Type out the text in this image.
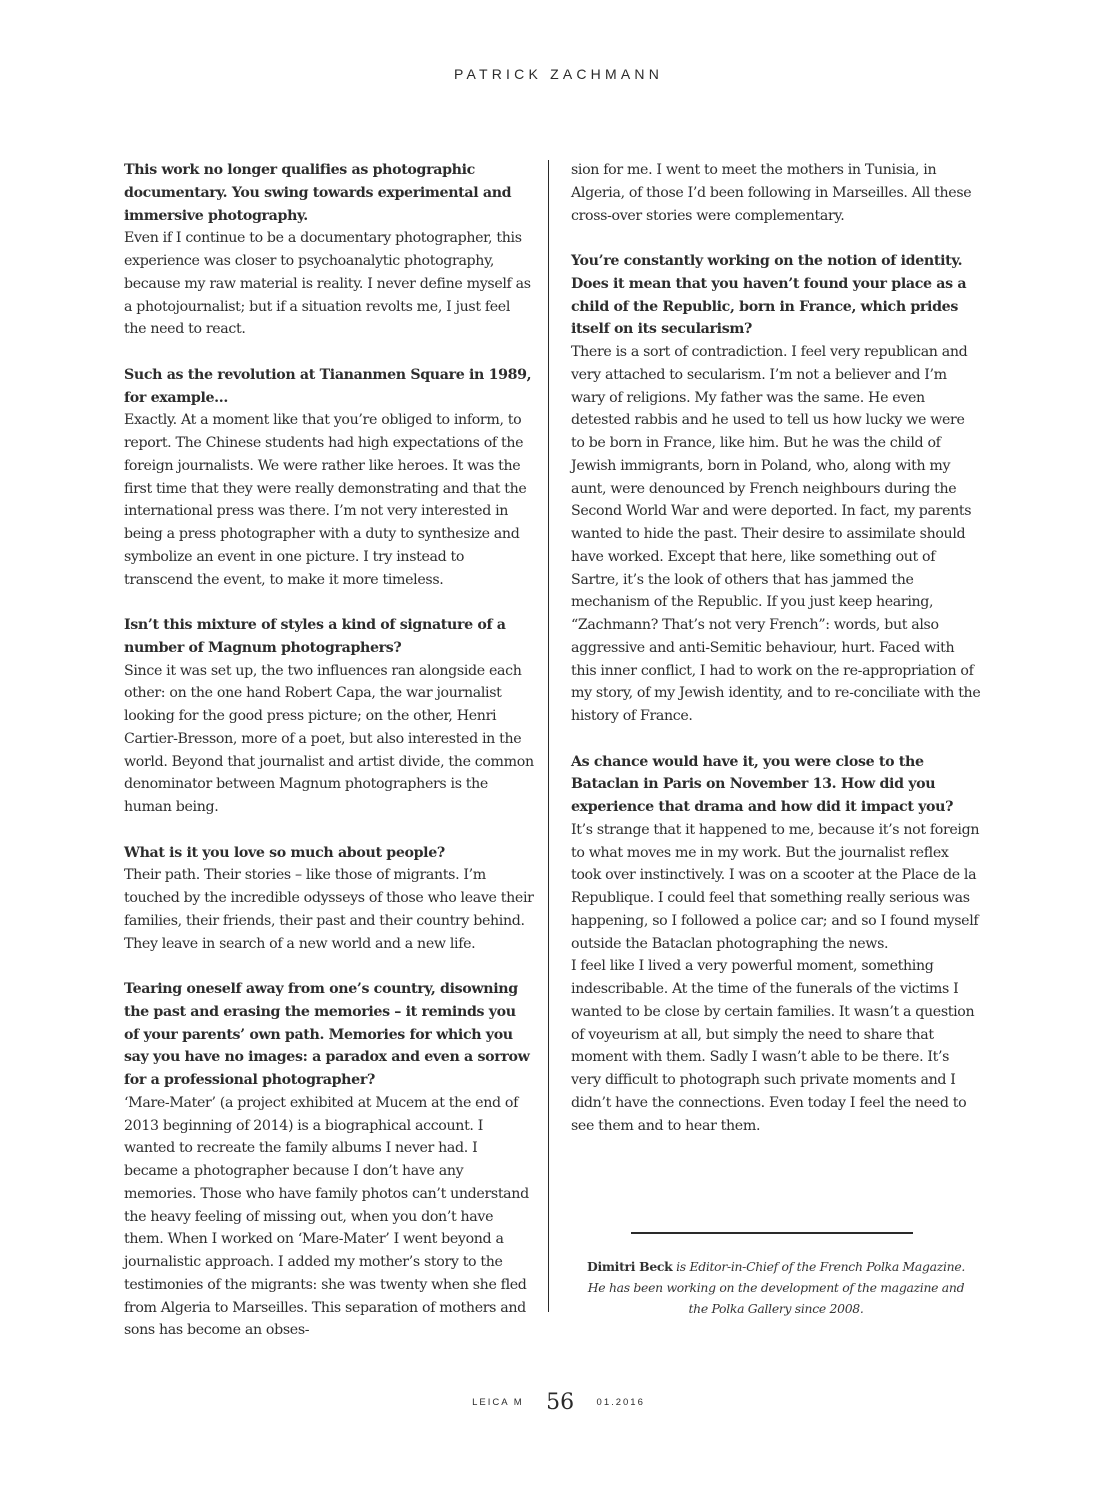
PATRICK ZACHMANN

This work no longer qualifies as photographic documentary. You swing towards experimental and immersive photography.

Even if I continue to be a documentary photographer, this experience was closer to psychoanalytic photography, because my raw material is reality. I never define myself as a photojournalist; but if a situation revolts me, I just feel the need to react.

Such as the revolution at Tiananmen Square in 1989, for example…

Exactly. At a moment like that you’re obliged to inform, to report. The Chinese students had high expectations of the foreign journalists. We were rather like heroes. It was the first time that they were really demonstrating and that the international press was there. I’m not very interested in being a press photographer with a duty to synthesize and symbolize an event in one picture. I try instead to transcend the event, to make it more timeless.

Isn’t this mixture of styles a kind of signature of a number of Magnum photographers?

Since it was set up, the two influences ran alongside each other: on the one hand Robert Capa, the war journalist looking for the good press picture; on the other, Henri Cartier-Bresson, more of a poet, but also interested in the world. Beyond that journalist and artist divide, the common denominator between Magnum photographers is the human being.

What is it you love so much about people?

Their path. Their stories – like those of migrants. I’m touched by the incredible odysseys of those who leave their families, their friends, their past and their country behind. They leave in search of a new world and a new life.

Tearing oneself away from one’s country, disowning the past and erasing the memories – it reminds you of your parents’ own path. Memories for which you say you have no images: a paradox and even a sorrow for a professional photographer?

‘Mare-Mater’ (a project exhibited at Mucem at the end of 2013 beginning of 2014) is a biographical account. I wanted to recreate the family albums I never had. I became a photographer because I don’t have any memories. Those who have family photos can’t understand the heavy feeling of missing out, when you don’t have them. When I worked on ‘Mare-Mater’ I went beyond a journalistic approach. I added my mother’s story to the testimonies of the migrants: she was twenty when she fled from Algeria to Marseilles. This separation of mothers and sons has become an obses-

sion for me. I went to meet the mothers in Tunisia, in Algeria, of those I’d been following in Marseilles. All these cross-over stories were complementary.

You’re constantly working on the notion of identity. Does it mean that you haven’t found your place as a child of the Republic, born in France, which prides itself on its secularism?

There is a sort of contradiction. I feel very republican and very attached to secularism. I’m not a believer and I’m wary of religions. My father was the same. He even detested rabbis and he used to tell us how lucky we were to be born in France, like him. But he was the child of Jewish immigrants, born in Poland, who, along with my aunt, were denounced by French neighbours during the Second World War and were deported. In fact, my parents wanted to hide the past. Their desire to assimilate should have worked. Except that here, like something out of Sartre, it’s the look of others that has jammed the mechanism of the Republic. If you just keep hearing, “Zachmann? That’s not very French”: words, but also aggressive and anti-Semitic behaviour, hurt. Faced with this inner conflict, I had to work on the re-appropriation of my story, of my Jewish identity, and to re-conciliate with the history of France.

As chance would have it, you were close to the Bataclan in Paris on November 13. How did you experience that drama and how did it impact you?

It’s strange that it happened to me, because it’s not foreign to what moves me in my work. But the journalist reflex took over instinctively. I was on a scooter at the Place de la Republique. I could feel that something really serious was happening, so I followed a police car; and so I found myself outside the Bataclan photographing the news.

I feel like I lived a very powerful moment, something indescribable. At the time of the funerals of the victims I wanted to be close by certain families. It wasn’t a question of voyeurism at all, but simply the need to share that moment with them. Sadly I wasn’t able to be there. It’s very difficult to photograph such private moments and I didn’t have the connections. Even today I feel the need to see them and to hear them.

Dimitri Beck is Editor-in-Chief of the French Polka Magazine. He has been working on the development of the magazine and the Polka Gallery since 2008.
LEICA M 56 01.2016
